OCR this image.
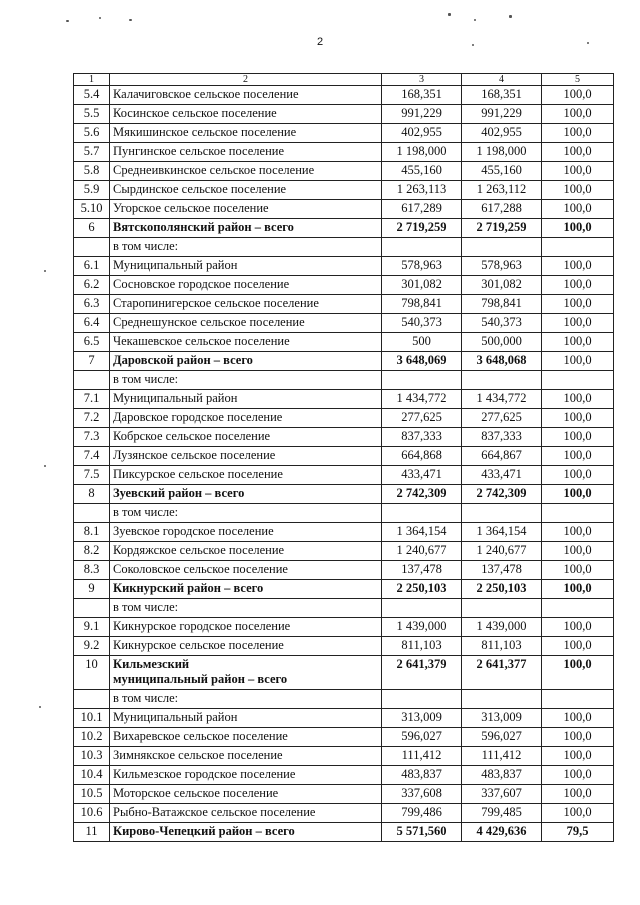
2
1	2	3	4	5
5.4	Калачиговское сельское поселение	168,351	168,351	100,0
5.5	Косинское сельское поселение	991,229	991,229	100,0
5.6	Мякишинское сельское поселение	402,955	402,955	100,0
5.7	Пунгинское сельское поселение	1 198,000	1 198,000	100,0
5.8	Среднеивкинское сельское поселение	455,160	455,160	100,0
5.9	Сырдинское сельское поселение	1 263,113	1 263,112	100,0
5.10	Угорское сельское поселение	617,289	617,288	100,0
6	Вятскополянский район – всего	2 719,259	2 719,259	100,0
	в том числе:			
6.1	Муниципальный район	578,963	578,963	100,0
6.2	Сосновское городское поселение	301,082	301,082	100,0
6.3	Старопинигерское сельское поселение	798,841	798,841	100,0
6.4	Среднешунское сельское поселение	540,373	540,373	100,0
6.5	Чекашевское сельское поселение	500	500,000	100,0
7	Даровской район – всего	3 648,069	3 648,068	100,0
	в том числе:			
7.1	Муниципальный район	1 434,772	1 434,772	100,0
7.2	Даровское городское поселение	277,625	277,625	100,0
7.3	Кобрское сельское поселение	837,333	837,333	100,0
7.4	Лузянское сельское поселение	664,868	664,867	100,0
7.5	Пиксурское сельское поселение	433,471	433,471	100,0
8	Зуевский район – всего	2 742,309	2 742,309	100,0
	в том числе:			
8.1	Зуевское городское поселение	1 364,154	1 364,154	100,0
8.2	Кордяжское сельское поселение	1 240,677	1 240,677	100,0
8.3	Соколовское сельское поселение	137,478	137,478	100,0
9	Кикнурский район – всего	2 250,103	2 250,103	100,0
	в том числе:			
9.1	Кикнурское городское поселение	1 439,000	1 439,000	100,0
9.2	Кикнурское сельское поселение	811,103	811,103	100,0
10	Кильмезский
муниципальный район – всего	2 641,379	2 641,377	100,0
	в том числе:			
10.1	Муниципальный район	313,009	313,009	100,0
10.2	Вихаревское сельское поселение	596,027	596,027	100,0
10.3	Зимнякское сельское поселение	111,412	111,412	100,0
10.4	Кильмезское городское поселение	483,837	483,837	100,0
10.5	Моторское сельское поселение	337,608	337,607	100,0
10.6	Рыбно-Ватажское сельское поселение	799,486	799,485	100,0
11	Кирово-Чепецкий район – всего	5 571,560	4 429,636	79,5
